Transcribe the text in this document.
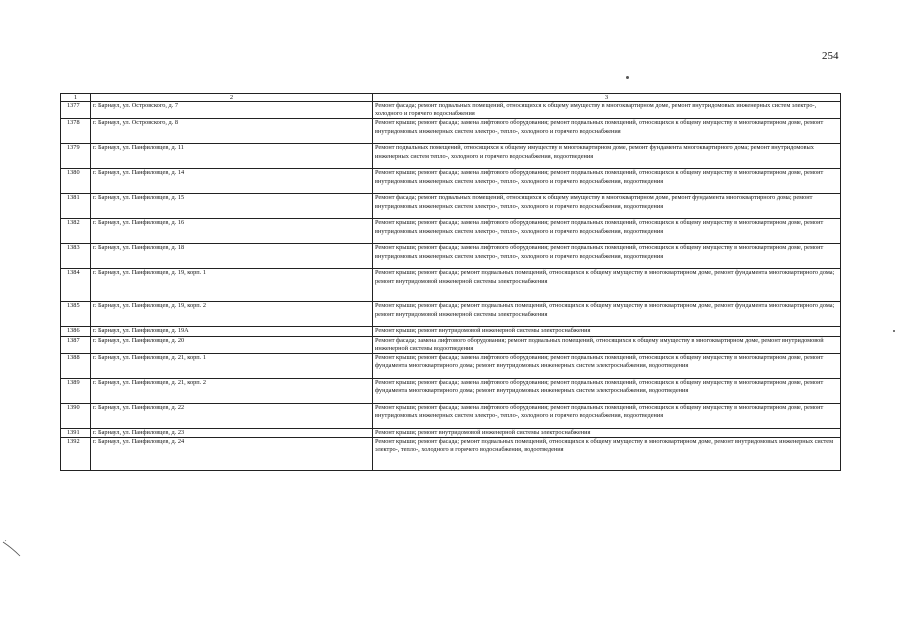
254
1	2	3
1377	г. Барнаул, ул. Островского, д. 7	Ремонт фасада; ремонт подвальных помещений, относящихся к общему имуществу в многоквартирном доме, ремонт внутридомовых инженерных систем электро-, холодного и горячего водоснабжения
1378	г. Барнаул, ул. Островского, д. 8	Ремонт крыши; ремонт фасада; замена лифтового оборудования; ремонт подвальных помещений, относящихся к общему имуществу в многоквартирном доме, ремонт внутридомовых инженерных систем электро-, тепло-, холодного и горячего водоснабжения
1379	г. Барнаул, ул. Панфиловцев, д. 11	Ремонт подвальных помещений, относящихся к общему имуществу в многоквартирном доме, ремонт фундамента многоквартирного дома; ремонт внутридомовых инженерных систем тепло-, холодного и горячего водоснабжения, водоотведения
1380	г. Барнаул, ул. Панфиловцев, д. 14	Ремонт крыши; ремонт фасада; замена лифтового оборудования; ремонт подвальных помещений, относящихся к общему имуществу в многоквартирном доме, ремонт внутридомовых инженерных систем электро-, тепло-, холодного и горячего водоснабжения, водоотведения
1381	г. Барнаул, ул. Панфиловцев, д. 15	Ремонт фасада; ремонт подвальных помещений, относящихся к общему имуществу в многоквартирном доме, ремонт фундамента многоквартирного дома; ремонт внутридомовых инженерных систем электро-, тепло-, холодного и горячего водоснабжения, водоотведения
1382	г. Барнаул, ул. Панфиловцев, д. 16	Ремонт крыши; ремонт фасада; замена лифтового оборудования; ремонт подвальных помещений, относящихся к общему имуществу в многоквартирном доме, ремонт внутридомовых инженерных систем электро-, тепло-, холодного и горячего водоснабжения, водоотведения
1383	г. Барнаул, ул. Панфиловцев, д. 18	Ремонт крыши; ремонт фасада; замена лифтового оборудования; ремонт подвальных помещений, относящихся к общему имуществу в многоквартирном доме, ремонт внутридомовых инженерных систем электро-, тепло-, холодного и горячего водоснабжения, водоотведения
1384	г. Барнаул, ул. Панфиловцев, д. 19, корп. 1	Ремонт крыши; ремонт фасада; ремонт подвальных помещений, относящихся к общему имуществу в многоквартирном доме, ремонт фундамента многоквартирного дома; ремонт внутридомовой инженерной системы электроснабжения
1385	г. Барнаул, ул. Панфиловцев, д. 19, корп. 2	Ремонт крыши; ремонт фасада; ремонт подвальных помещений, относящихся к общему имуществу в многоквартирном доме, ремонт фундамента многоквартирного дома; ремонт внутридомовой инженерной системы электроснабжения
1386	г. Барнаул, ул. Панфиловцев, д. 19А	Ремонт крыши; ремонт внутридомовой инженерной системы электроснабжения
1387	г. Барнаул, ул. Панфиловцев, д. 20	Ремонт фасада; замена лифтового оборудования; ремонт подвальных помещений, относящихся к общему имуществу в многоквартирном доме, ремонт внутридомовой инженерной системы водоотведения
1388	г. Барнаул, ул. Панфиловцев, д. 21, корп. 1	Ремонт крыши; ремонт фасада; замена лифтового оборудования; ремонт подвальных помещений, относящихся к общему имуществу в многоквартирном доме, ремонт фундамента многоквартирного дома; ремонт внутридомовых инженерных систем электроснабжения, водоотведения
1389	г. Барнаул, ул. Панфиловцев, д. 21, корп. 2	Ремонт крыши; ремонт фасада; замена лифтового оборудования; ремонт подвальных помещений, относящихся к общему имуществу в многоквартирном доме, ремонт фундамента многоквартирного дома; ремонт внутридомовых инженерных систем электроснабжения, водоотведения
1390	г. Барнаул, ул. Панфиловцев, д. 22	Ремонт крыши; ремонт фасада; замена лифтового оборудования; ремонт подвальных помещений, относящихся к общему имуществу в многоквартирном доме, ремонт внутридомовых инженерных систем электро-, тепло-, холодного и горячего водоснабжения, водоотведения
1391	г. Барнаул, ул. Панфиловцев, д. 23	Ремонт крыши; ремонт внутридомовой инженерной системы электроснабжения
1392	г. Барнаул, ул. Панфиловцев, д. 24	Ремонт крыши; ремонт фасада; ремонт подвальных помещений, относящихся к общему имуществу в многоквартирном доме, ремонт внутридомовых инженерных систем электро-, тепло-, холодного и горячего водоснабжения, водоотведения
